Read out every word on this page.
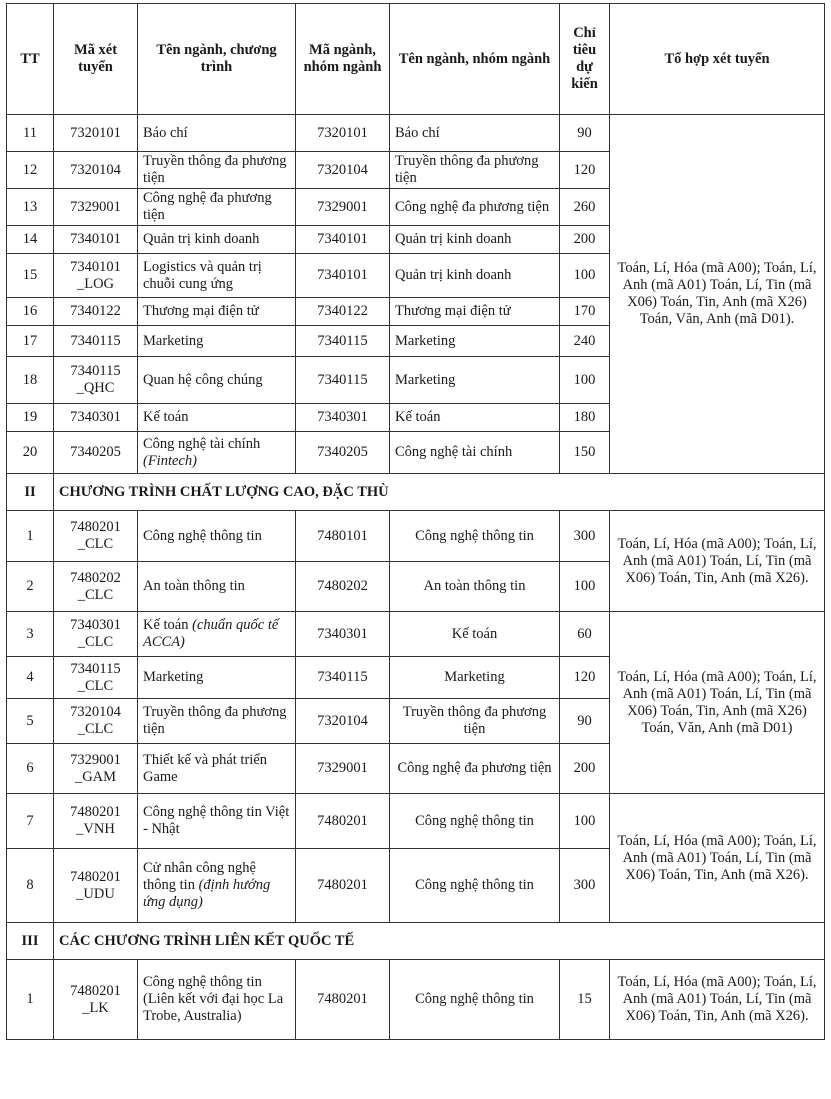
TT	Mã xét tuyển	Tên ngành, chương trình	Mã ngành, nhóm ngành	Tên ngành, nhóm ngành	Chỉ tiêu dự kiến	Tổ hợp xét tuyển
11	7320101	Báo chí	7320101	Báo chí	90	Toán, Lí, Hóa (mã A00); Toán, Lí, Anh (mã A01) Toán, Lí, Tin (mã X06) Toán, Tin, Anh (mã X26) Toán, Văn, Anh (mã D01).
12	7320104	Truyền thông đa phương tiện	7320104	Truyền thông đa phương tiện	120	
13	7329001	Công nghệ đa phương tiện	7329001	Công nghệ đa phương tiện	260	
14	7340101	Quản trị kinh doanh	7340101	Quản trị kinh doanh	200	
15	7340101 _LOG	Logistics và quản trị chuỗi cung ứng	7340101	Quản trị kinh doanh	100	
16	7340122	Thương mại điện tử	7340122	Thương mại điện tử	170	
17	7340115	Marketing	7340115	Marketing	240	
18	7340115 _QHC	Quan hệ công chúng	7340115	Marketing	100	
19	7340301	Kế toán	7340301	Kế toán	180	
20	7340205	Công nghệ tài chính (Fintech)	7340205	Công nghệ tài chính	150	
II	CHƯƠNG TRÌNH CHẤT LƯỢNG CAO, ĐẶC THÙ					
1	7480201 _CLC	Công nghệ thông tin	7480101	Công nghệ thông tin	300	Toán, Lí, Hóa (mã A00); Toán, Lí, Anh (mã A01) Toán, Lí, Tin (mã X06) Toán, Tin, Anh (mã X26).
2	7480202 _CLC	An toàn thông tin	7480202	An toàn thông tin	100	
3	7340301 _CLC	Kế toán (chuẩn quốc tế ACCA)	7340301	Kế toán	60	Toán, Lí, Hóa (mã A00); Toán, Lí, Anh (mã A01) Toán, Lí, Tin (mã X06) Toán, Tin, Anh (mã X26) Toán, Văn, Anh (mã D01)
4	7340115 _CLC	Marketing	7340115	Marketing	120	
5	7320104 _CLC	Truyền thông đa phương tiện	7320104	Truyền thông đa phương tiện	90	
6	7329001 _GAM	Thiết kế và phát triển Game	7329001	Công nghệ đa phương tiện	200	
7	7480201 _VNH	Công nghệ thông tin Việt - Nhật	7480201	Công nghệ thông tin	100	Toán, Lí, Hóa (mã A00); Toán, Lí, Anh (mã A01) Toán, Lí, Tin (mã X06) Toán, Tin, Anh (mã X26).
8	7480201 _UDU	Cử nhân công nghệ thông tin (định hướng ứng dụng)	7480201	Công nghệ thông tin	300	
III	CÁC CHƯƠNG TRÌNH LIÊN KẾT QUỐC TẾ					
1	7480201 _LK	Công nghệ thông tin (Liên kết với đại học La Trobe, Australia)	7480201	Công nghệ thông tin	15	Toán, Lí, Hóa (mã A00); Toán, Lí, Anh (mã A01) Toán, Lí, Tin (mã X06) Toán, Tin, Anh (mã X26).
